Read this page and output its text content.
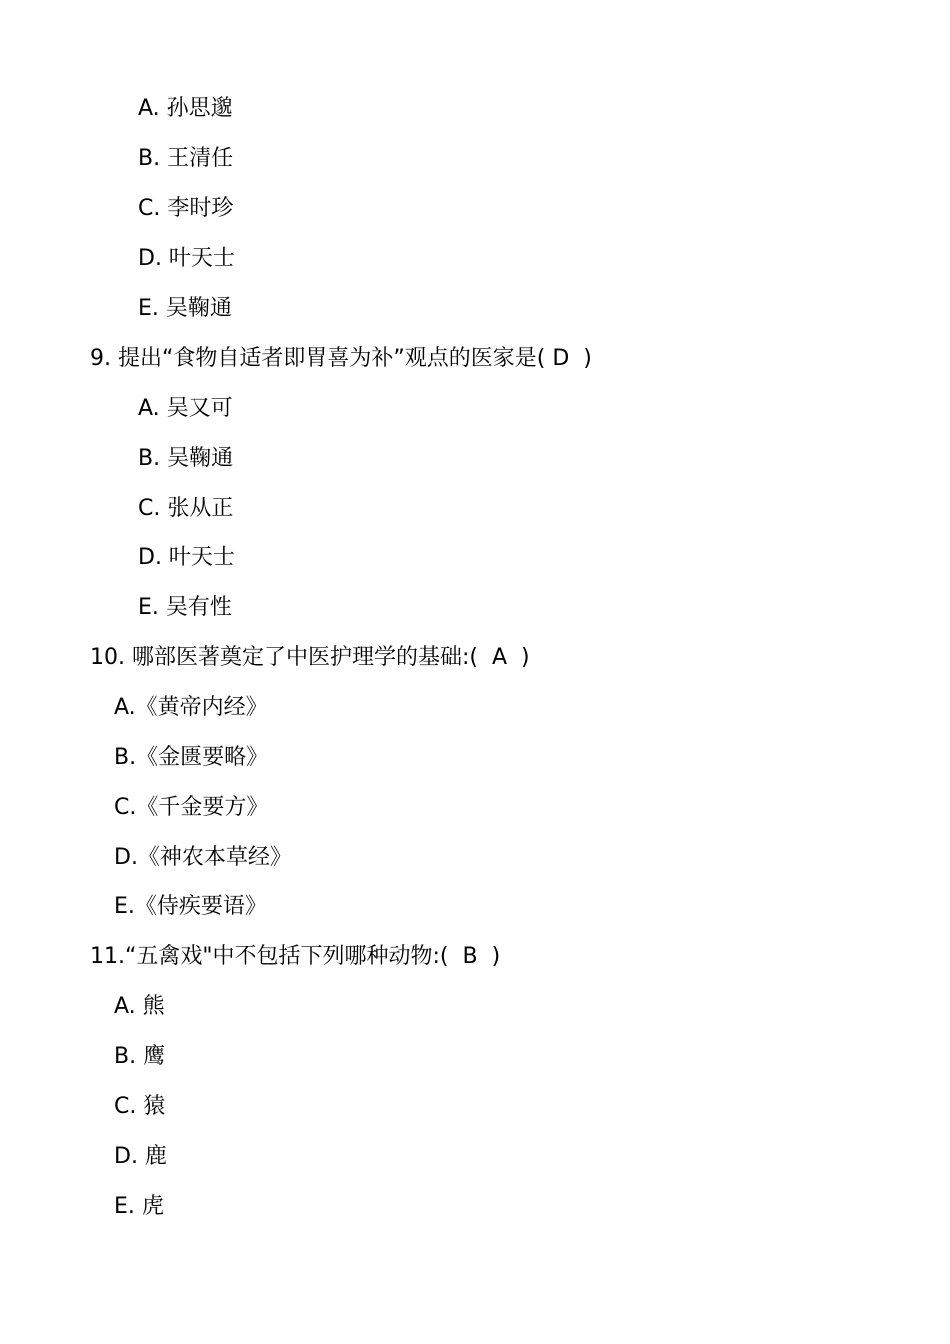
A. 孙思邈
B. 王清任
C. 李时珍
D. 叶天士
E. 吴鞠通
9. 提出“食物自适者即胃喜为补”观点的医家是( D  )
A. 吴又可
B. 吴鞠通
C. 张从正
D. 叶天士
E. 吴有性
10. 哪部医著奠定了中医护理学的基础:(  A  )
A.《黄帝内经》
B.《金匮要略》
C.《千金要方》
D.《神农本草经》
E.《侍疾要语》
11.“五禽戏"中不包括下列哪种动物:(  B  )
A. 熊
B. 鹰
C. 猿
D. 鹿
E. 虎
